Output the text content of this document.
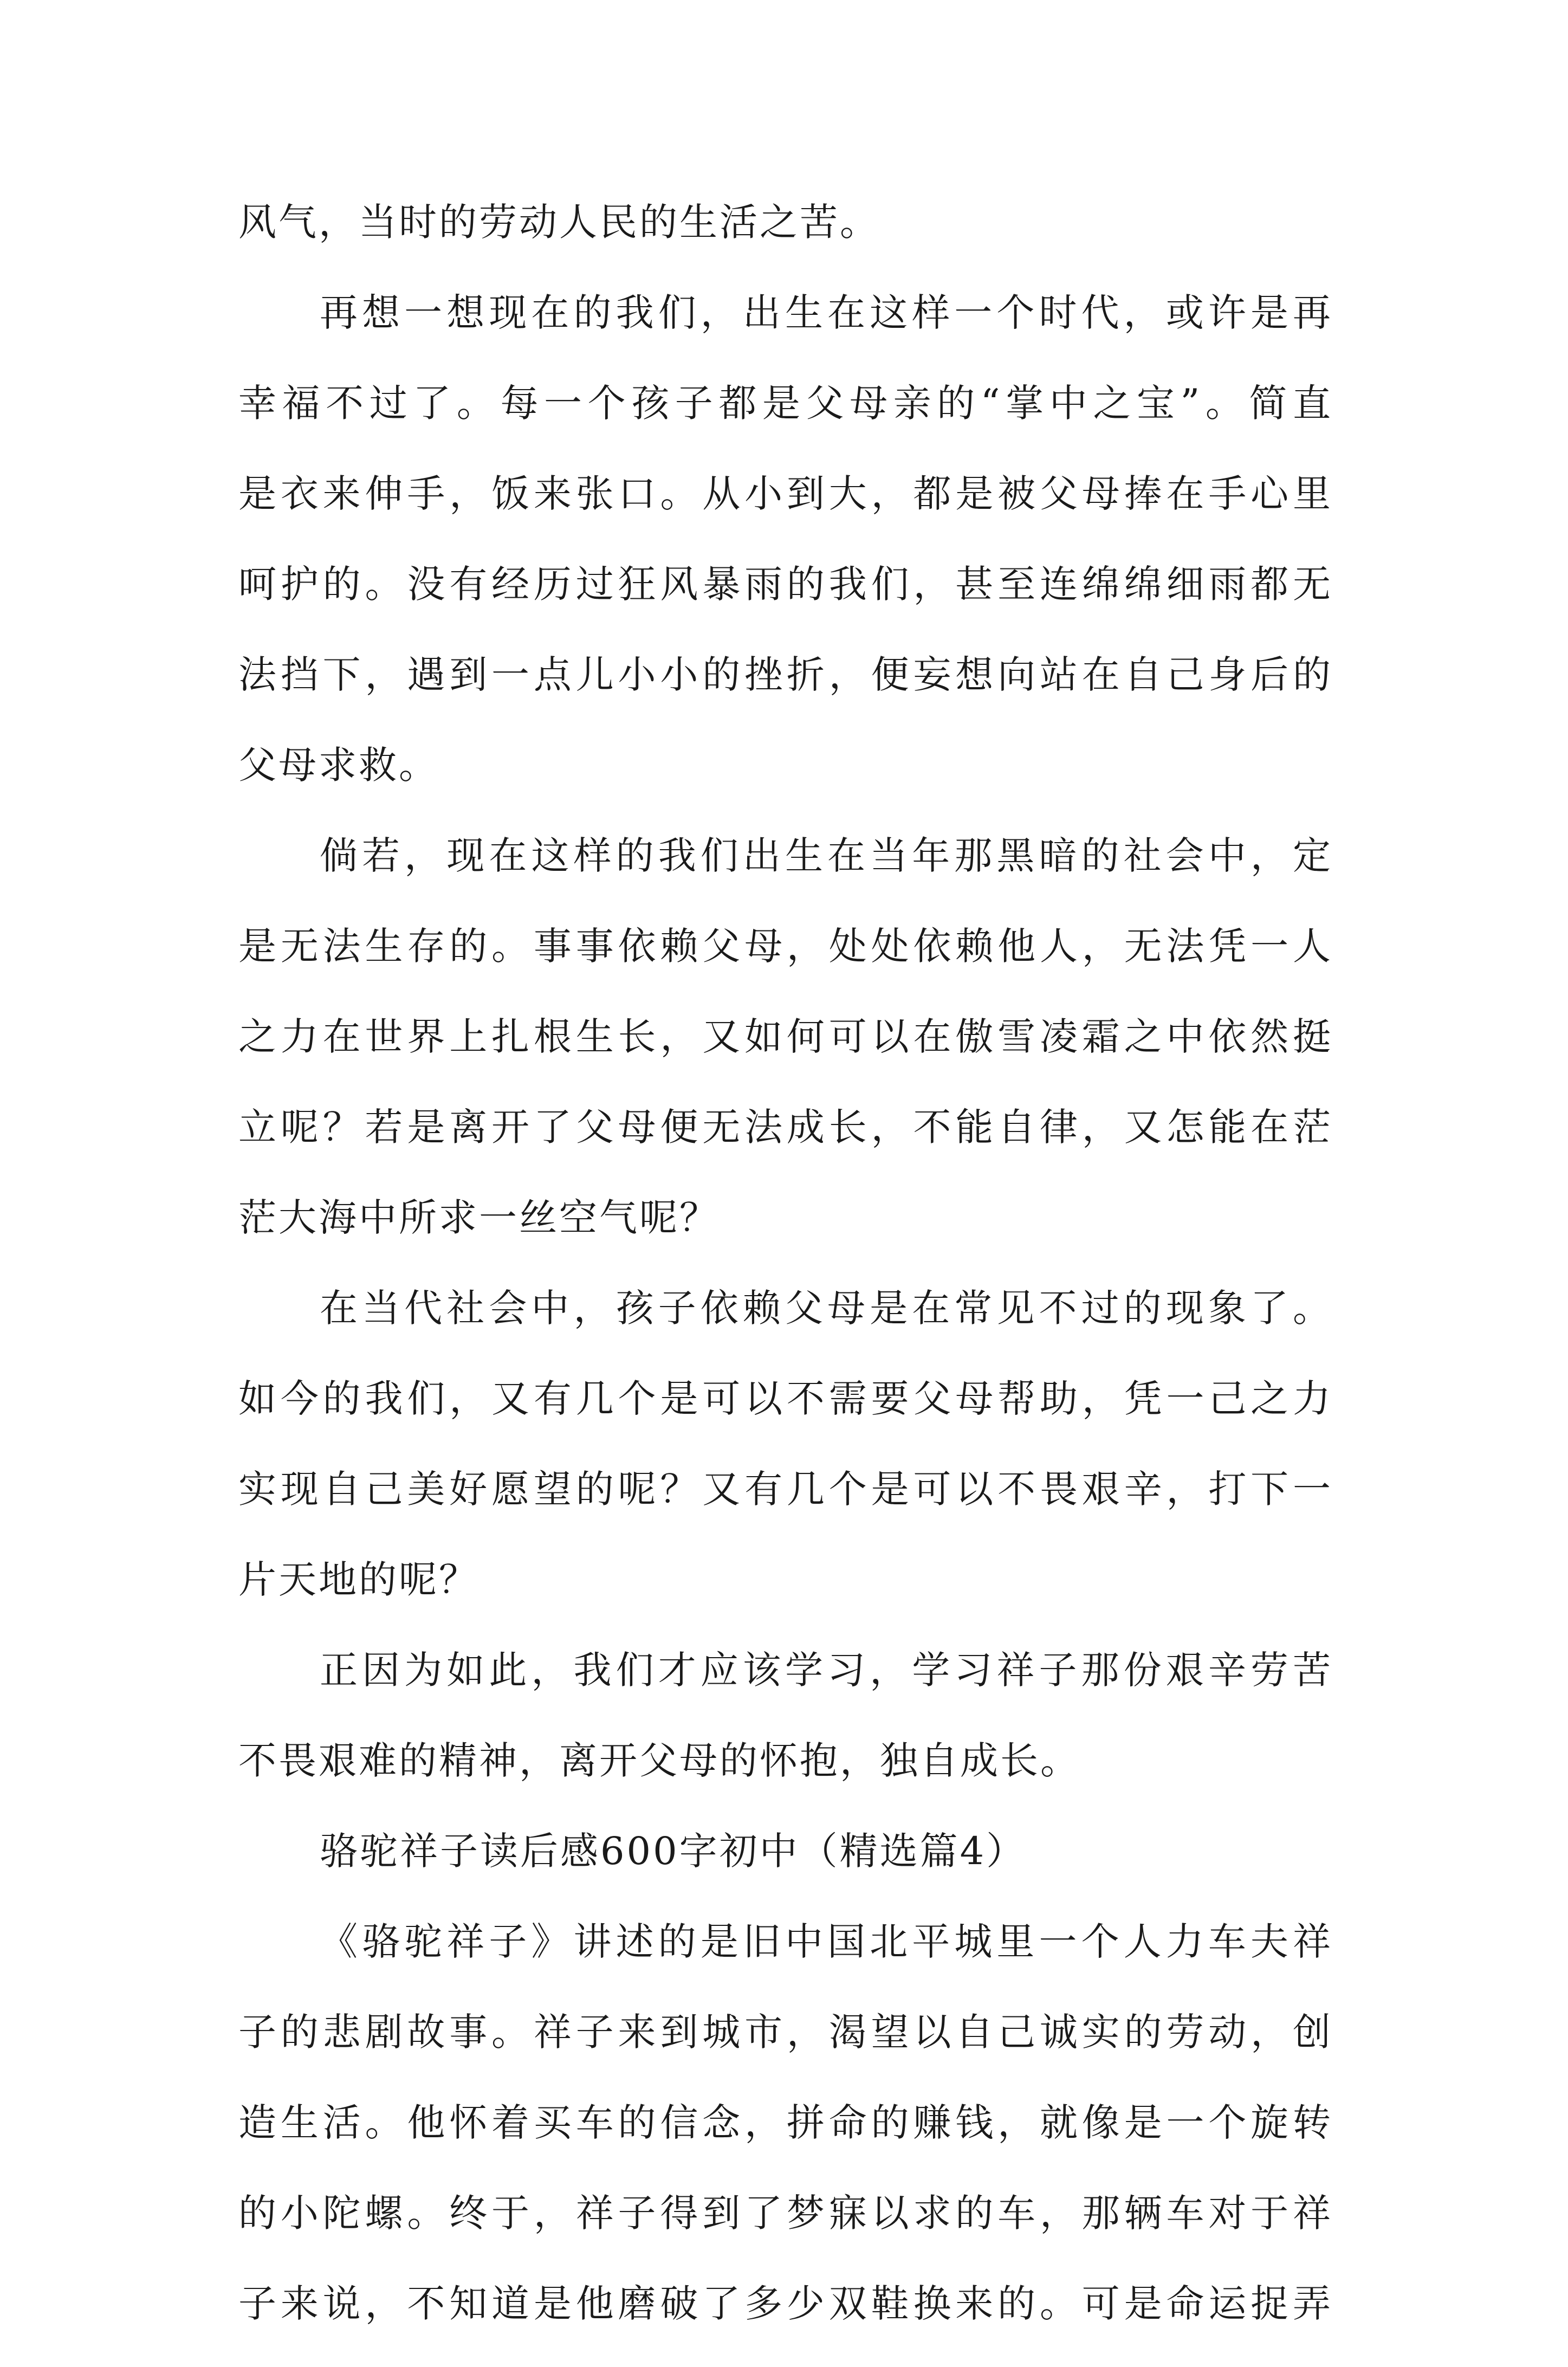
风气，当时的劳动人民的生活之苦。
再想一想现在的我们，出生在这样一个时代，或许是再
幸福不过了。每一个孩子都是父母亲的“掌中之宝”。简直
是衣来伸手，饭来张口。从小到大，都是被父母捧在手心里
呵护的。没有经历过狂风暴雨的我们，甚至连绵绵细雨都无
法挡下，遇到一点儿小小的挫折，便妄想向站在自己身后的
父母求救。
倘若，现在这样的我们出生在当年那黑暗的社会中，定
是无法生存的。事事依赖父母，处处依赖他人，无法凭一人
之力在世界上扎根生长，又如何可以在傲雪凌霜之中依然挺
立呢？若是离开了父母便无法成长，不能自律，又怎能在茫
茫大海中所求一丝空气呢？
在当代社会中，孩子依赖父母是在常见不过的现象了。
如今的我们，又有几个是可以不需要父母帮助，凭一己之力
实现自己美好愿望的呢？又有几个是可以不畏艰辛，打下一
片天地的呢？
正因为如此，我们才应该学习，学习祥子那份艰辛劳苦
不畏艰难的精神，离开父母的怀抱，独自成长。
骆驼祥子读后感600字初中（精选篇4）
《骆驼祥子》讲述的是旧中国北平城里一个人力车夫祥
子的悲剧故事。祥子来到城市，渴望以自己诚实的劳动，创
造生活。他怀着买车的信念，拼命的赚钱，就像是一个旋转
的小陀螺。终于，祥子得到了梦寐以求的车，那辆车对于祥
子来说，不知道是他磨破了多少双鞋换来的。可是命运捉弄
